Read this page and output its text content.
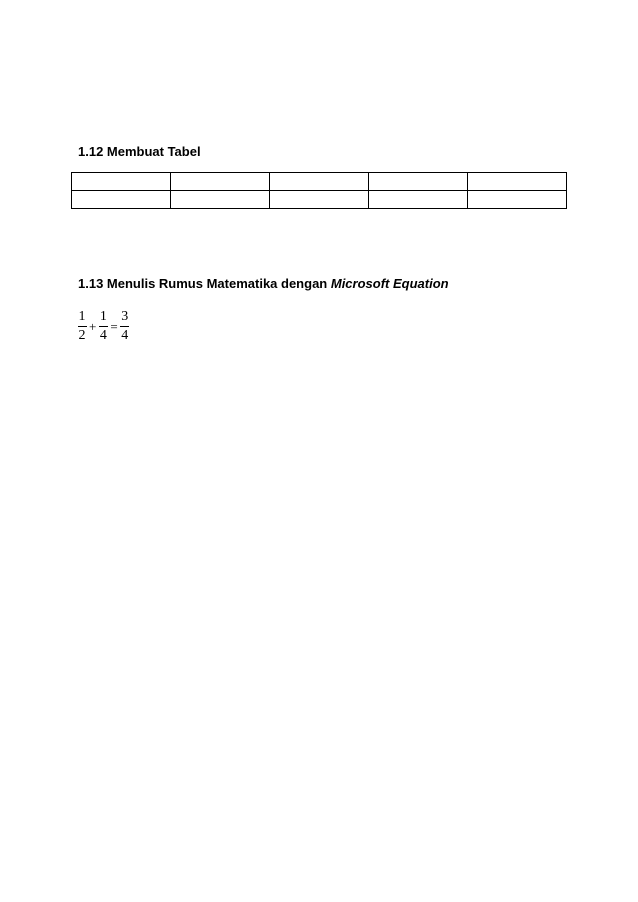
1.12 Membuat Tabel

1.13 Menulis Rumus Matematika dengan Microsoft Equation
$\frac{1}{2} + \frac{1}{4} = \frac{3}{4}$
